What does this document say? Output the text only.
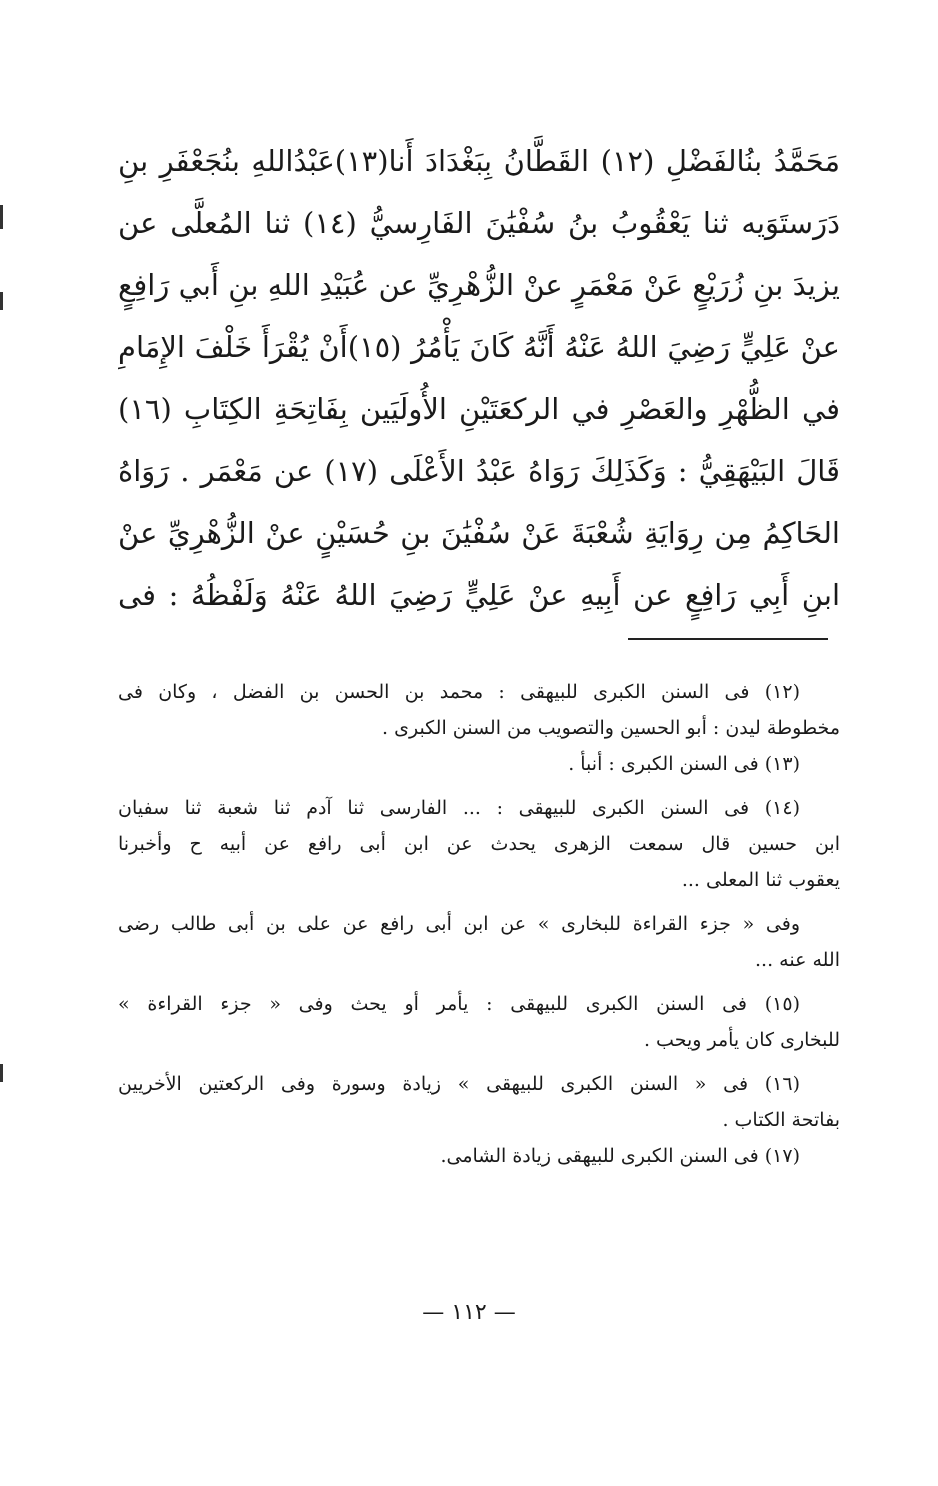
مَحَمَّدُ بنُالفَضْلِ (١٢) القَطَّانُ بِبَغْدَادَ أَنا(١٣)عَبْدُاللهِ بنُجَعْفَرِ بنِ
دَرَستَوَيه ثنا يَعْقُوبُ بنُ سُفْيَٰنَ الفَارِسيُّ (١٤) ثنا المُعلَّى عن
يزيدَ بنِ زُرَيْعٍ عَنْ مَعْمَرٍ عنْ الزُّهْرِيِّ عن عُبَيْدِ اللهِ بنِ أَبي رَافِعٍ
عنْ عَلِيٍّ رَضِيَ اللهُ عَنْهُ أَنَّهُ كَانَ يَأْمُرُ (١٥)أَنْ يُقْرَأَ خَلْفَ الإِمَامِ
في الظُّهْرِ والعَصْرِ في الركعَتَيْنِ الأُولَيَين بِفَاتِحَةِ الكِتَابِ (١٦)
قَالَ البَيْهَقِيُّ : وَكَذَلِكَ رَوَاهُ عَبْدُ الأَعْلَى (١٧) عن مَعْمَر . رَوَاهُ
الحَاكِمُ مِن رِوَايَةِ شُعْبَةَ عَنْ سُفْيَٰنَ بنِ حُسَيْنٍ عنْ الزُّهْرِيِّ عنْ
ابنِ أَبِي رَافِعٍ عن أَبِيهِ عنْ عَلِيٍّ رَضِيَ اللهُ عَنْهُ وَلَفْظُهُ : فى
(١٢) فى السنن الكبرى للبيهقى : محمد بن الحسن بن الفضل ، وكان فى
مخطوطة ليدن : أبو الحسين والتصويب من السنن الكبرى .
(١٣) فى السنن الكبرى : أنبأ .
(١٤) فى السنن الكبرى للبيهقى : ... الفارسى ثنا آدم ثنا شعبة ثنا سفيان
ابن حسين قال سمعت الزهرى يحدث عن ابن أبى رافع عن أبيه ح وأخبرنا
يعقوب ثنا المعلى ...
وفى « جزء القراءة للبخارى » عن ابن أبى رافع عن على بن أبى طالب رضى
الله عنه ...
(١٥) فى السنن الكبرى للبيهقى : يأمر أو يحث وفى « جزء القراءة »
للبخارى كان يأمر ويحب .
(١٦) فى « السنن الكبرى للبيهقى » زيادة وسورة وفى الركعتين الأخريين
بفاتحة الكتاب .
(١٧) فى السنن الكبرى للبيهقى زيادة الشامى.
— ١١٢ —
